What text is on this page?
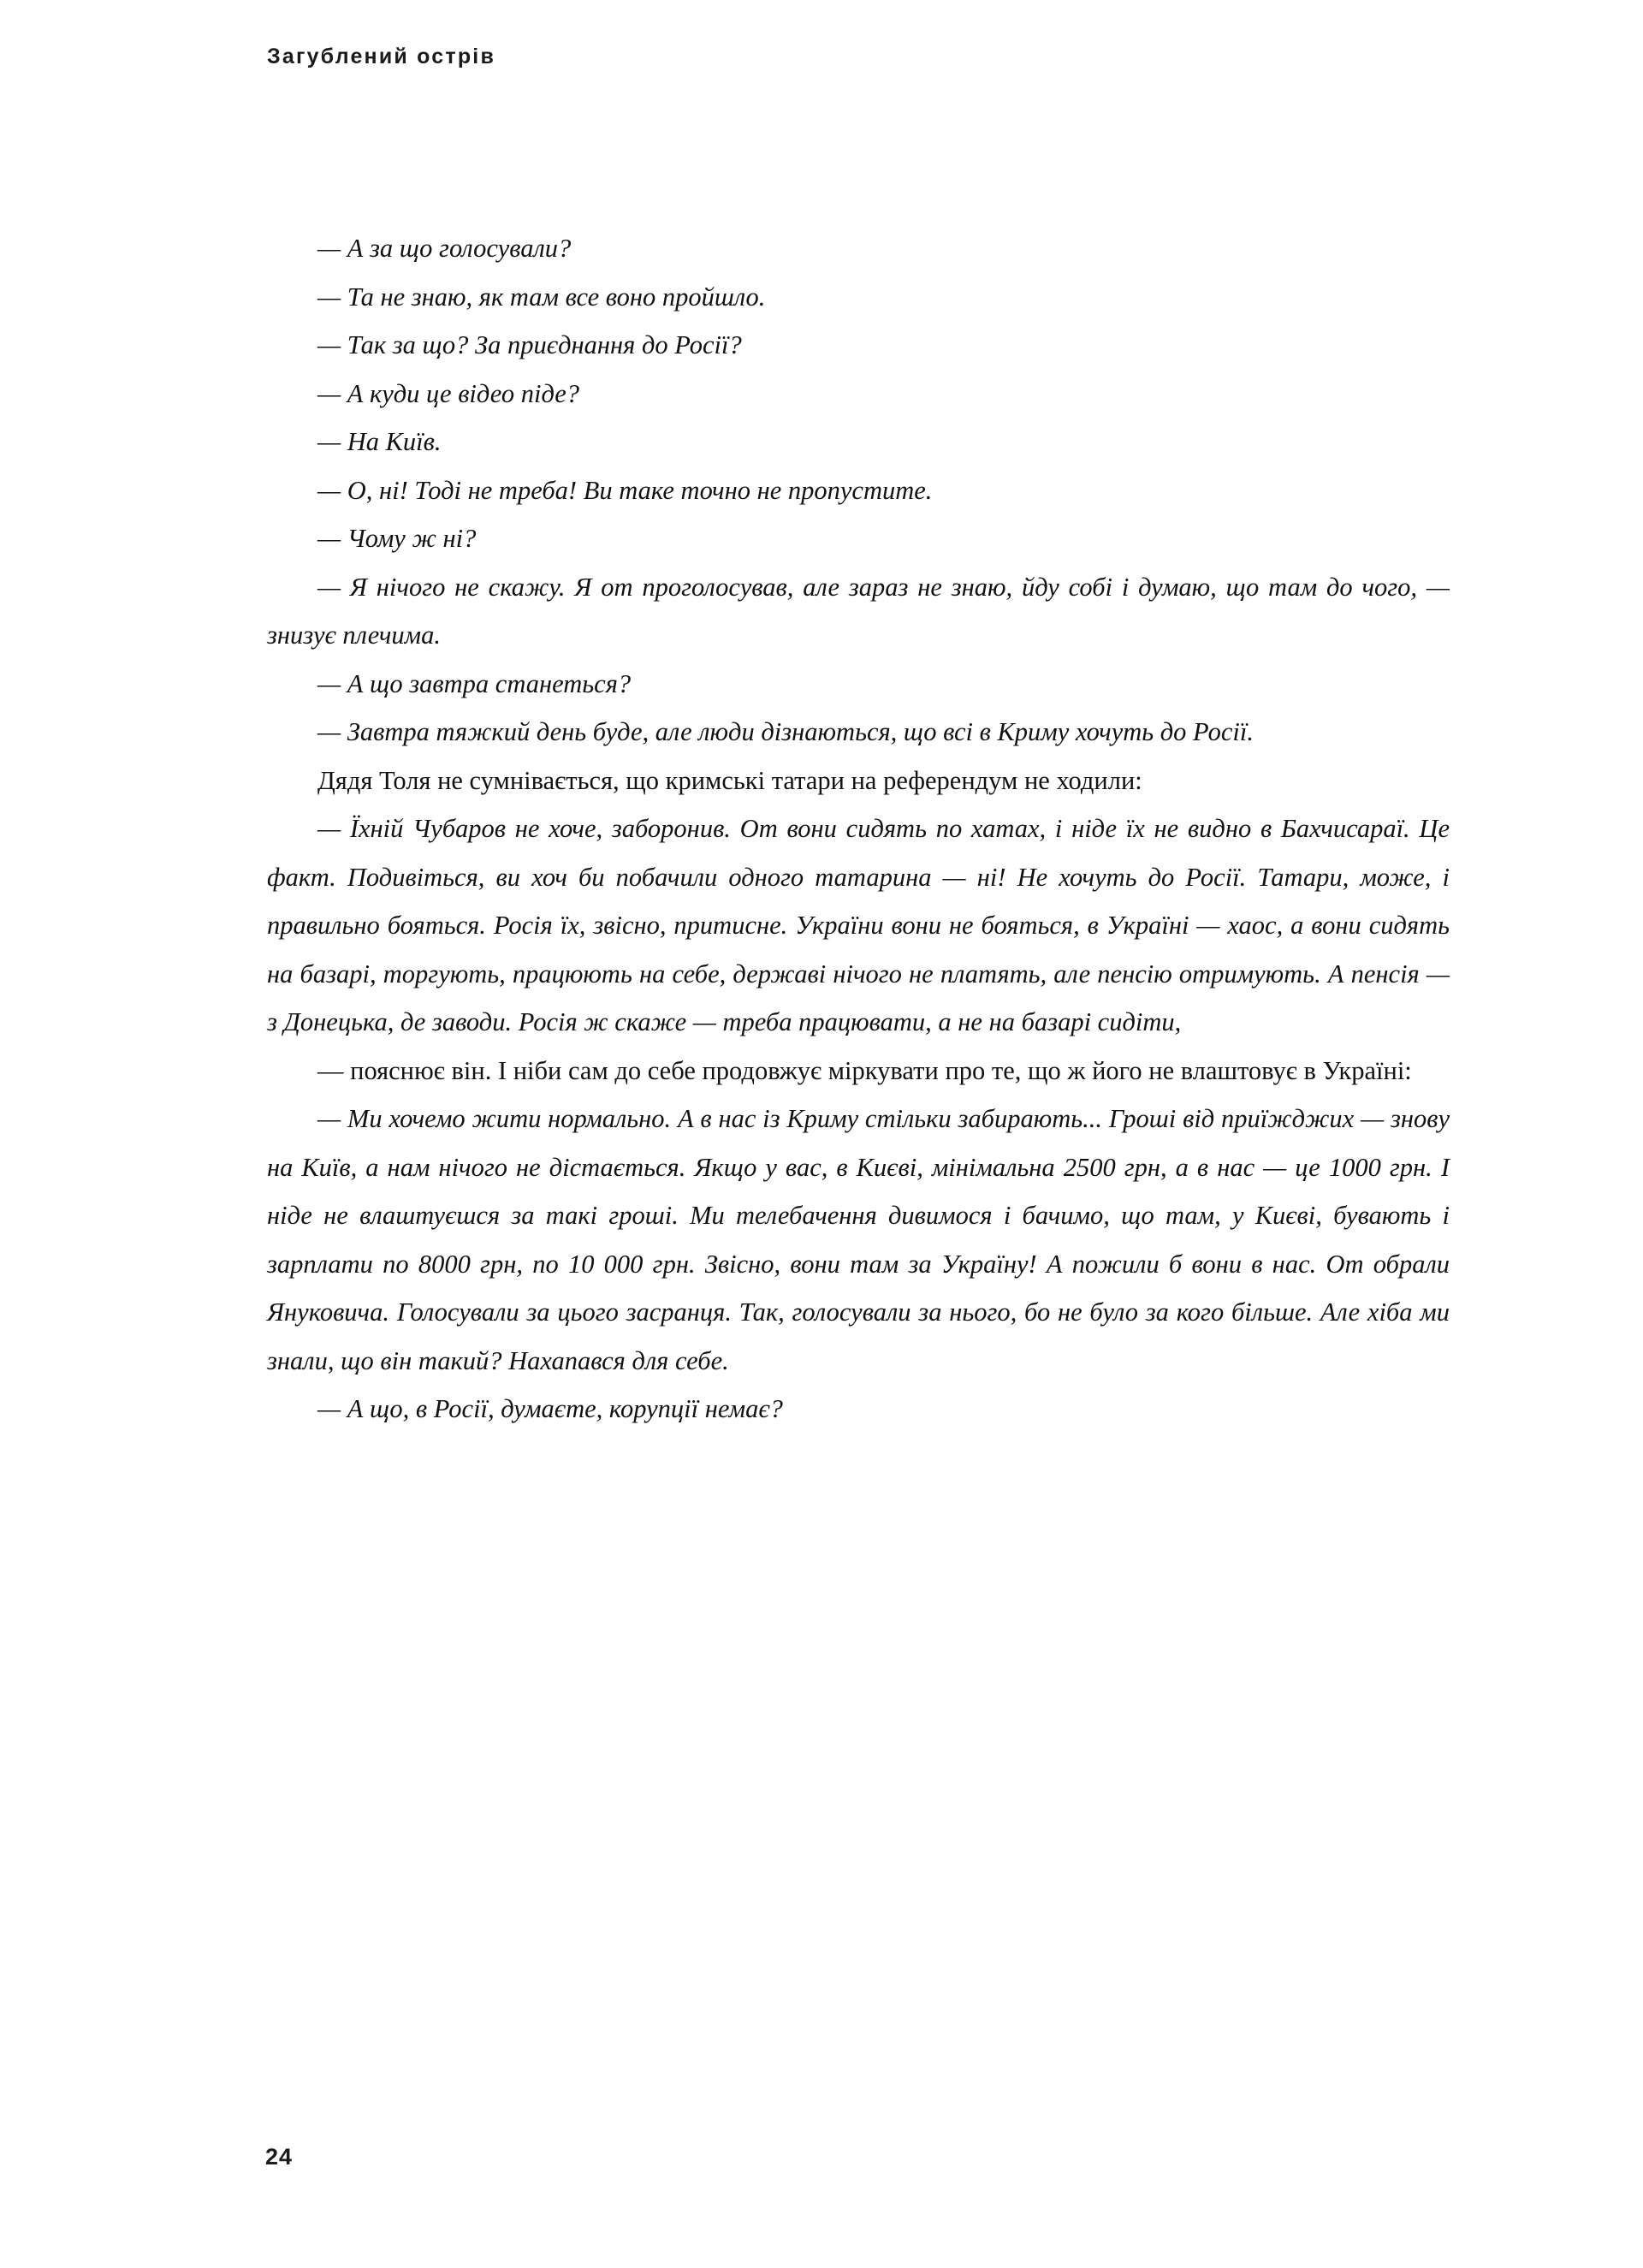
Загублений острів

— А за що голосували?

— Та не знаю, як там все воно пройшло.

— Так за що? За приєднання до Росії?

— А куди це відео піде?

— На Київ.

— О, ні! Тоді не треба! Ви таке точно не пропустите.

— Чому ж ні?

— Я нічого не скажу. Я от проголосував, але зараз не знаю, йду собі і думаю, що там до чого, — знизує плечима.

— А що завтра станеться?

— Завтра тяжкий день буде, але люди дізнаються, що всі в Криму хочуть до Росії.

Дядя Толя не сумнівається, що кримські татари на референдум не ходили:

— Їхній Чубаров не хоче, заборонив. От вони сидять по хатах, і ніде їх не видно в Бахчисараї. Це факт. Подивіться, ви хоч би побачили одного татарина — ні! Не хочуть до Росії. Татари, може, і правильно бояться. Росія їх, звісно, притисне. України вони не бояться, в Україні — хаос, а вони сидять на базарі, торгують, працюють на себе, державі нічого не платять, але пенсію отримують. А пенсія — з Донецька, де заводи. Росія ж скаже — треба працювати, а не на базарі сидіти,

— пояснює він. І ніби сам до себе продовжує міркувати про те, що ж його не влаштовує в Україні:

— Ми хочемо жити нормально. А в нас із Криму стільки забирають... Гроші від приїжджих — знову на Київ, а нам нічого не дістається. Якщо у вас, в Києві, мінімальна 2500 грн, а в нас — це 1000 грн. І ніде не влаштуєшся за такі гроші. Ми телебачення дивимося і бачимо, що там, у Києві, бувають і зарплати по 8000 грн, по 10 000 грн. Звісно, вони там за Україну! А пожили б вони в нас. От обрали Януковича. Голосували за цього засранця. Так, голосували за нього, бо не було за кого більше. Але хіба ми знали, що він такий? Нахапався для себе.

— А що, в Росії, думаєте, корупції немає?

24
